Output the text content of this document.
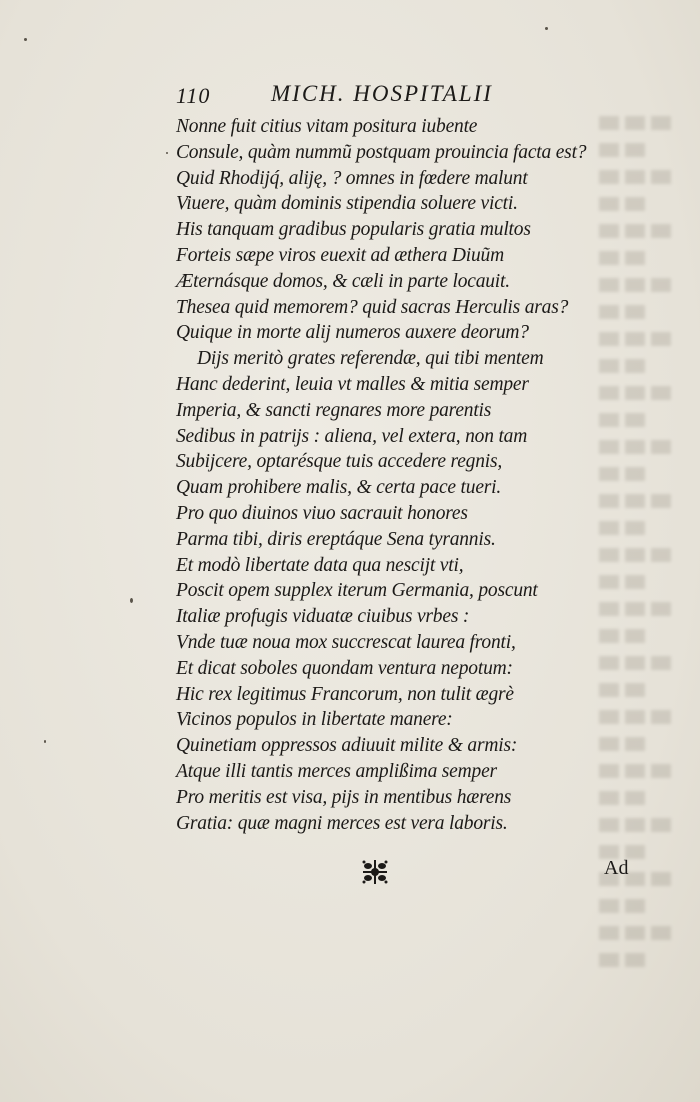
110	MICH. HOSPITALII
Nonne fuit citius vitam positura iubente
Consule, quàm nummũ postquam prouincia facta est?
Quid Rhodijq́, aliję, ? omnes in fœdere malunt
Viuere, quàm dominis stipendia soluere victi.
His tanquam gradibus popularis gratia multos
Forteis sæpe viros euexit ad æthera Diuũm
Æternásque domos, & cæli in parte locauit.
Thesea quid memorem? quid sacras Herculis aras?
Quique in morte alij numeros auxere deorum?
Dijs meritò grates referendæ, qui tibi mentem
Hanc dederint, leuia vt malles & mitia semper
Imperia, & sancti regnares more parentis
Sedibus in patrijs : aliena, vel extera, non tam
Subijcere, optarésque tuis accedere regnis,
Quam prohibere malis, & certa pace tueri.
Pro quo diuinos viuo sacrauit honores
Parma tibi, diris ereptáque Sena tyrannis.
Et modò libertate data qua nescijt vti,
Poscit opem supplex iterum Germania, poscunt
Italiæ profugis viduatæ ciuibus vrbes :
Vnde tuæ noua mox succrescat laurea fronti,
Et dicat soboles quondam ventura nepotum:
Hic rex legitimus Francorum, non tulit ægrè
Vicinos populos in libertate manere:
Quinetiam oppressos adiuuit milite & armis:
Atque illi tantis merces amplißima semper
Pro meritis est visa, pijs in mentibus hærens
Gratia: quæ magni merces est vera laboris.
Ad
